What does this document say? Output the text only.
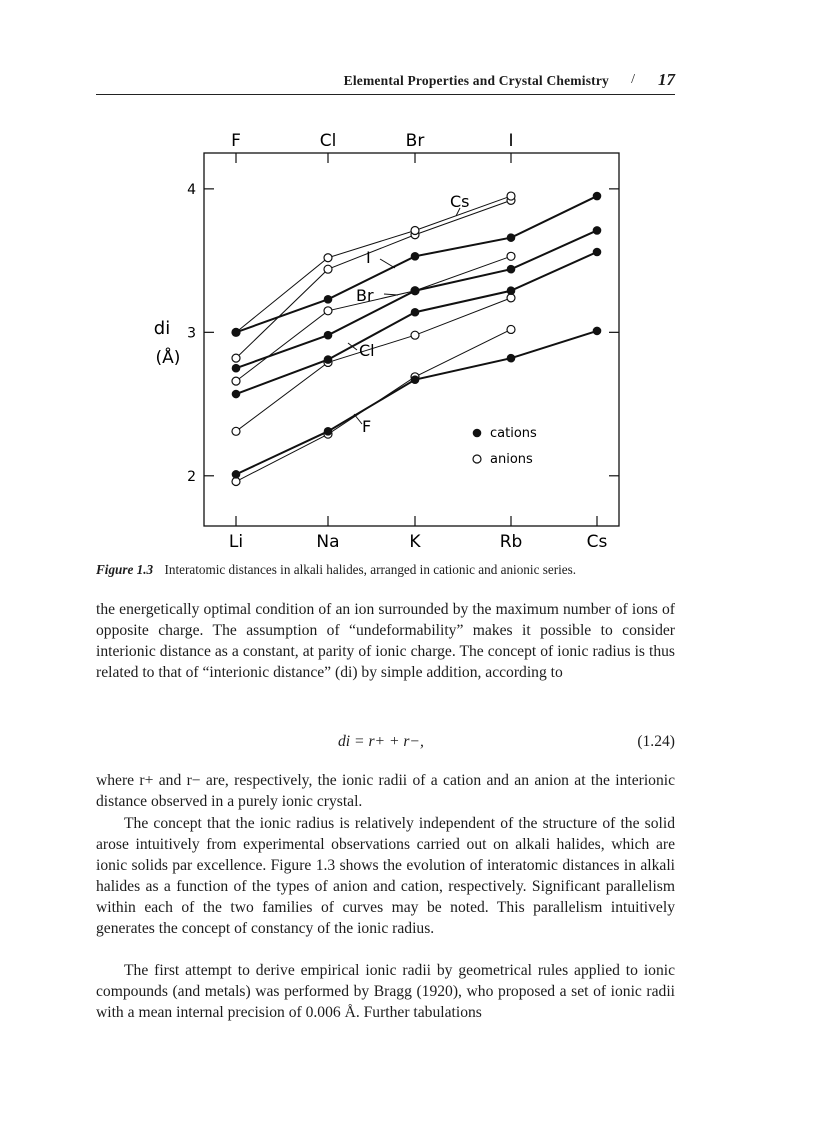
Elemental Properties and Crystal Chemistry / 17
F	Cl	Br	I
Li	Na	K	Rb	Cs
2
3
4
di
(Å)
Cs
I
Br
Cl
F	cations
anions
Figure 1.3 Interatomic distances in alkali halides, arranged in cationic and anionic series.
the energetically optimal condition of an ion surrounded by the maximum number of ions of opposite charge. The assumption of “undeformability” makes it possible to consider interionic distance as a constant, at parity of ionic charge. The concept of ionic radius is thus related to that of “interionic distance” (di) by simple addition, according to
di = r+ + r−,	(1.24)
where r+ and r− are, respectively, the ionic radii of a cation and an anion at the interionic distance observed in a purely ionic crystal.
The concept that the ionic radius is relatively independent of the structure of the solid arose intuitively from experimental observations carried out on alkali halides, which are ionic solids par excellence. Figure 1.3 shows the evolution of interatomic distances in alkali halides as a function of the types of anion and cation, respectively. Significant parallelism within each of the two families of curves may be noted. This parallelism intuitively generates the concept of constancy of the ionic radius.
The first attempt to derive empirical ionic radii by geometrical rules applied to ionic compounds (and metals) was performed by Bragg (1920), who proposed a set of ionic radii with a mean internal precision of 0.006 Å. Further tabulations
